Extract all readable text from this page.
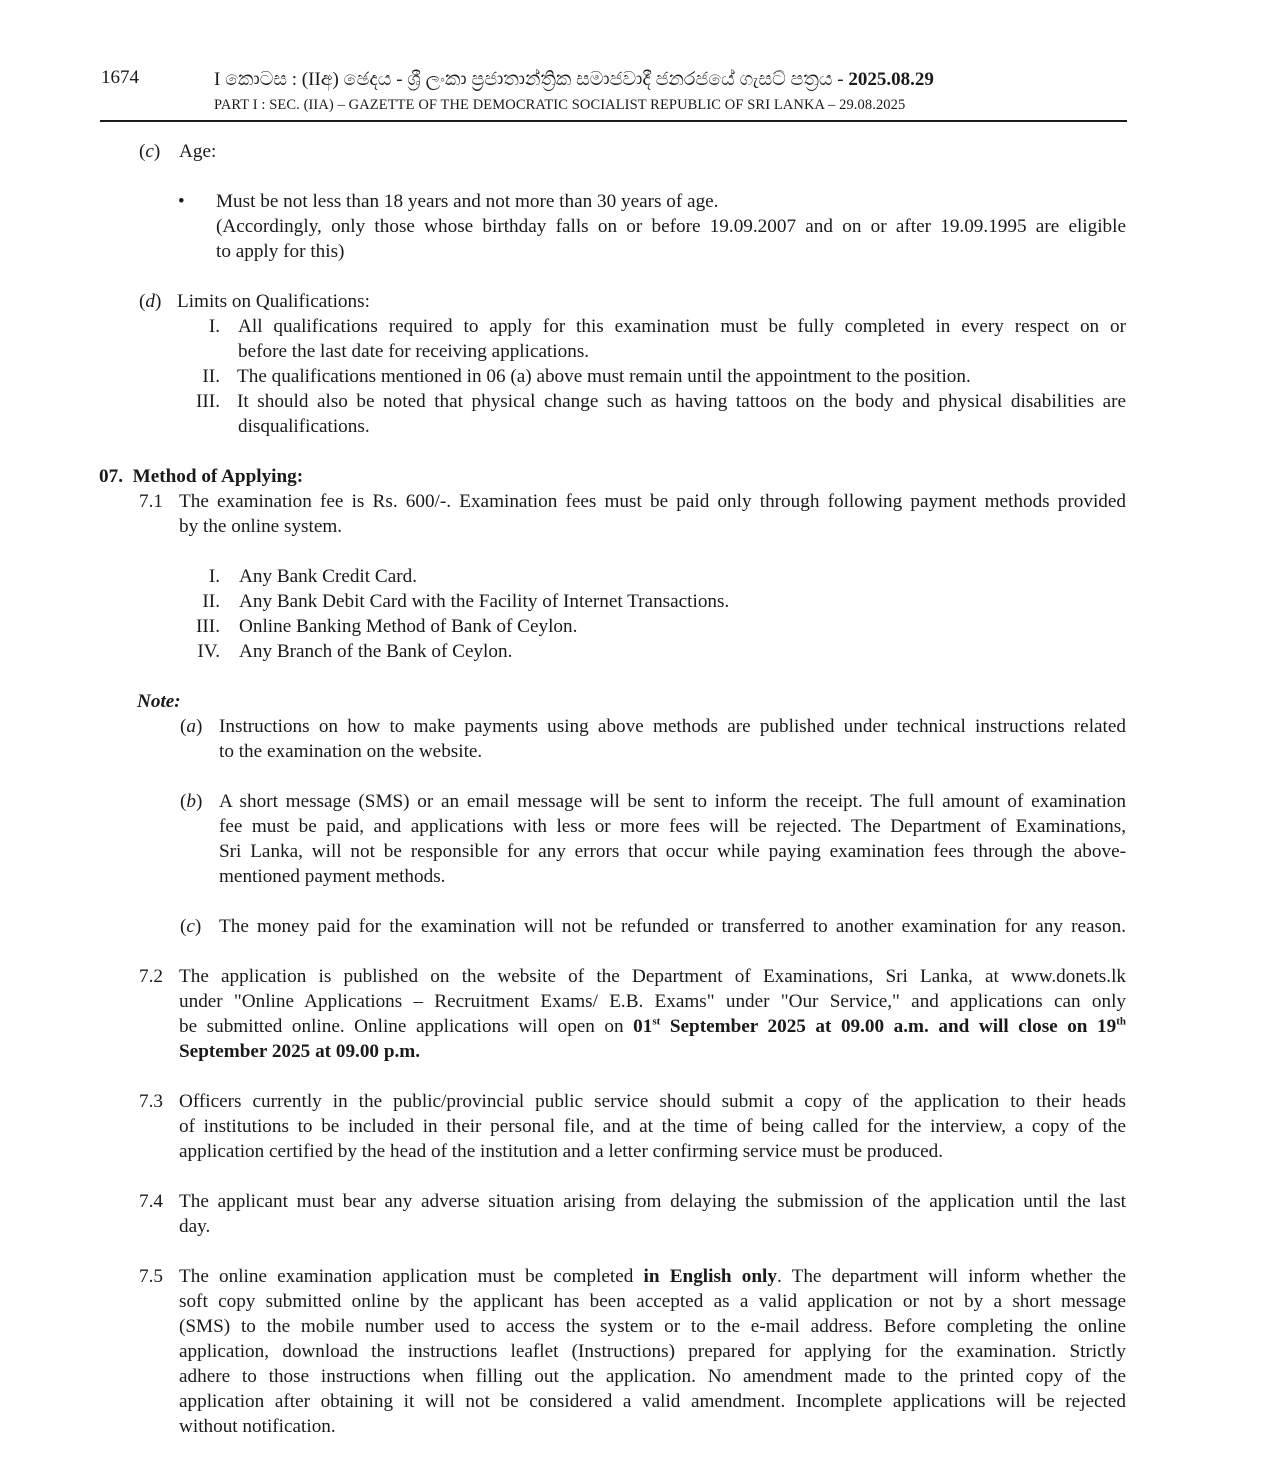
1674	I කොටස : (IIඅ) ඡෙදය - ශ්‍රී ලංකා ප්‍රජාතාන්ත්‍රික සමාජවාදී ජනරජයේ ගැසට් පත්‍රය - 2025.08.29
PART I : SEC. (IIA) – GAZETTE OF THE DEMOCRATIC SOCIALIST REPUBLIC OF SRI LANKA – 29.08.2025
(c) Age:
• Must be not less than 18 years and not more than 30 years of age.
(Accordingly, only those whose birthday falls on or before 19.09.2007 and on or after 19.09.1995 are eligible
to apply for this)
(d) Limits on Qualifications:
I. All qualifications required to apply for this examination must be fully completed in every respect on or
before the last date for receiving applications.
II. The qualifications mentioned in 06 (a) above must remain until the appointment to the position.
III. It should also be noted that physical change such as having tattoos on the body and physical disabilities are
disqualifications.
07.  Method of Applying:
7.1 The examination fee is Rs. 600/-. Examination fees must be paid only through following payment methods provided
by the online system.
I. Any Bank Credit Card.
II. Any Bank Debit Card with the Facility of Internet Transactions.
III. Online Banking Method of Bank of Ceylon.
IV. Any Branch of the Bank of Ceylon.
Note:
(a) Instructions on how to make payments using above methods are published under technical instructions related
to the examination on the website.
(b) A short message (SMS) or an email message will be sent to inform the receipt. The full amount of examination
fee must be paid, and applications with less or more fees will be rejected. The Department of Examinations,
Sri Lanka, will not be responsible for any errors that occur while paying examination fees through the above-
mentioned payment methods.
(c) The money paid for the examination will not be refunded or transferred to another examination for any reason.
7.2 The application is published on the website of the Department of Examinations, Sri Lanka, at www.donets.lk
under "Online Applications – Recruitment Exams/ E.B. Exams" under "Our Service," and applications can only
be submitted online. Online applications will open on 01st September 2025 at 09.00 a.m. and will close on 19th
September 2025 at 09.00 p.m.
7.3 Officers currently in the public/provincial public service should submit a copy of the application to their heads
of institutions to be included in their personal file, and at the time of being called for the interview, a copy of the
application certified by the head of the institution and a letter confirming service must be produced.
7.4 The applicant must bear any adverse situation arising from delaying the submission of the application until the last
day.
7.5 The online examination application must be completed in English only. The department will inform whether the
soft copy submitted online by the applicant has been accepted as a valid application or not by a short message
(SMS) to the mobile number used to access the system or to the e-mail address. Before completing the online
application, download the instructions leaflet (Instructions) prepared for applying for the examination. Strictly
adhere to those instructions when filling out the application. No amendment made to the printed copy of the
application after obtaining it will not be considered a valid amendment. Incomplete applications will be rejected
without notification.
